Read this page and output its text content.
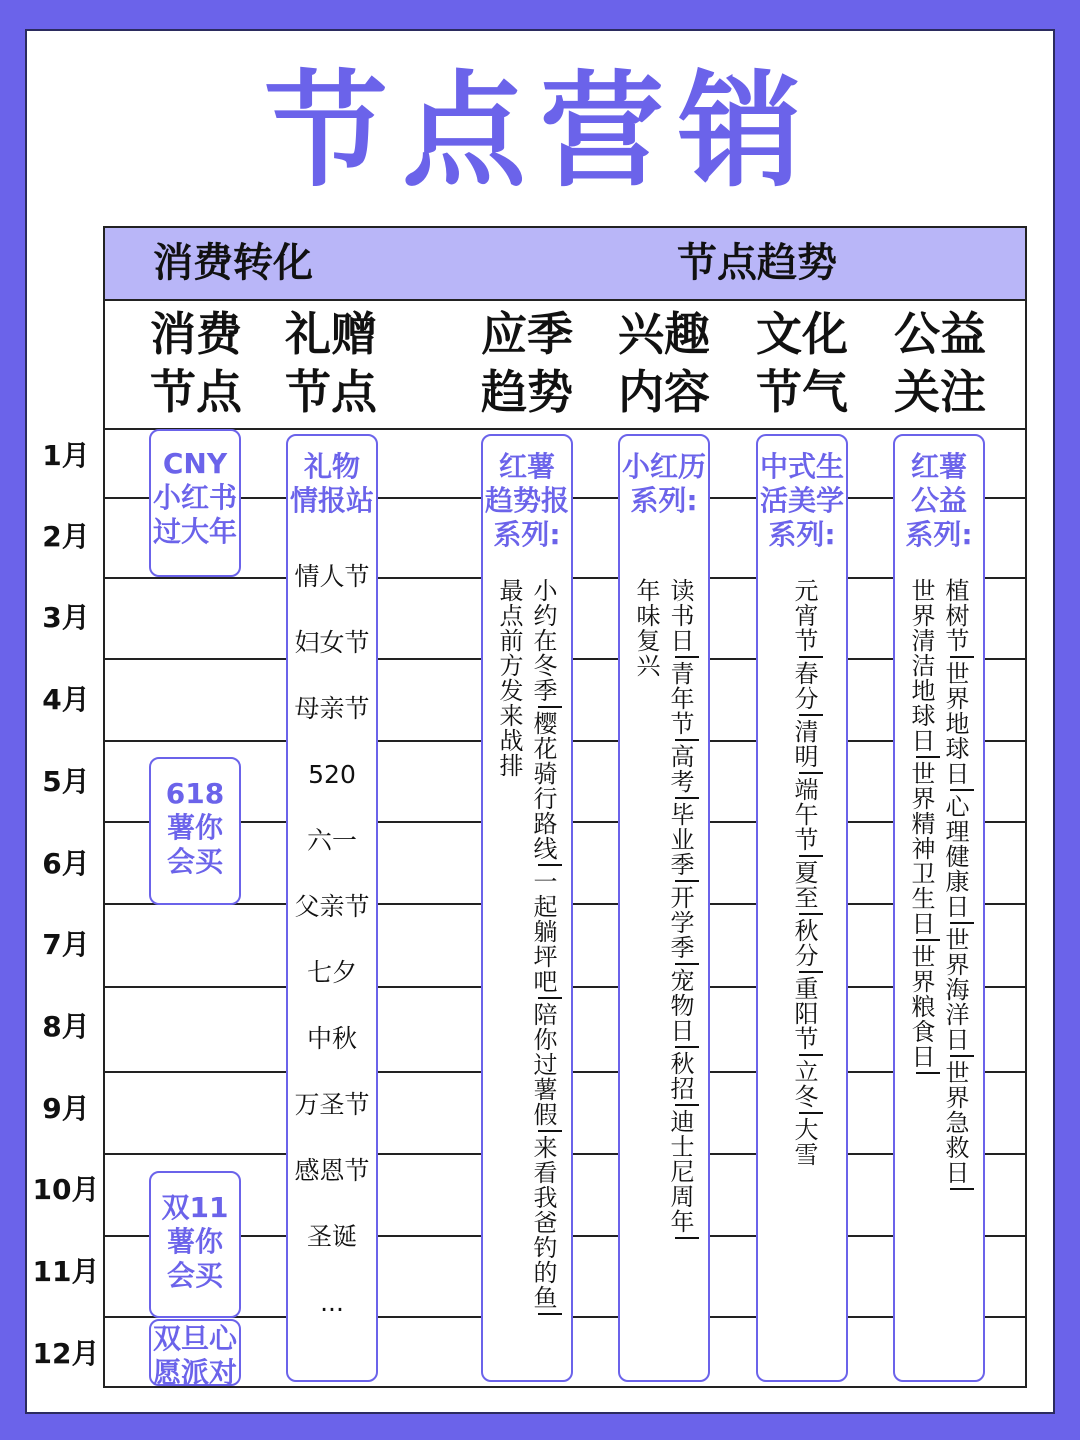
节点营销
消费转化	节点趋势
消费
节点
礼赠
节点
应季
趋势
兴趣
内容
文化
节气
公益
关注
1月
2月
3月
4月
5月
6月
7月
8月
9月
10月
11月
12月
CNY
小红书
过大年
618
薯你
会买
双11
薯你
会买
双旦心
愿派对
礼物
情报站
情人节
妇女节
母亲节
520
六一
父亲节
七夕
中秋
万圣节
感恩节
圣诞
...
红薯
趋势报
系列:
小约在冬季樱花骑行路线一起躺坪吧陪你过薯假来看我爸钓的鱼
最点前方发来战排
小红历
系列:
读书日青年节高考毕业季开学季宠物日秋招迪士尼周年
年味复兴
中式生
活美学
系列:
元宵节春分清明端午节夏至秋分重阳节立冬大雪
红薯
公益
系列:
植树节世界地球日心理健康日世界海洋日世界急救日
世界清洁地球日世界精神卫生日世界粮食日
